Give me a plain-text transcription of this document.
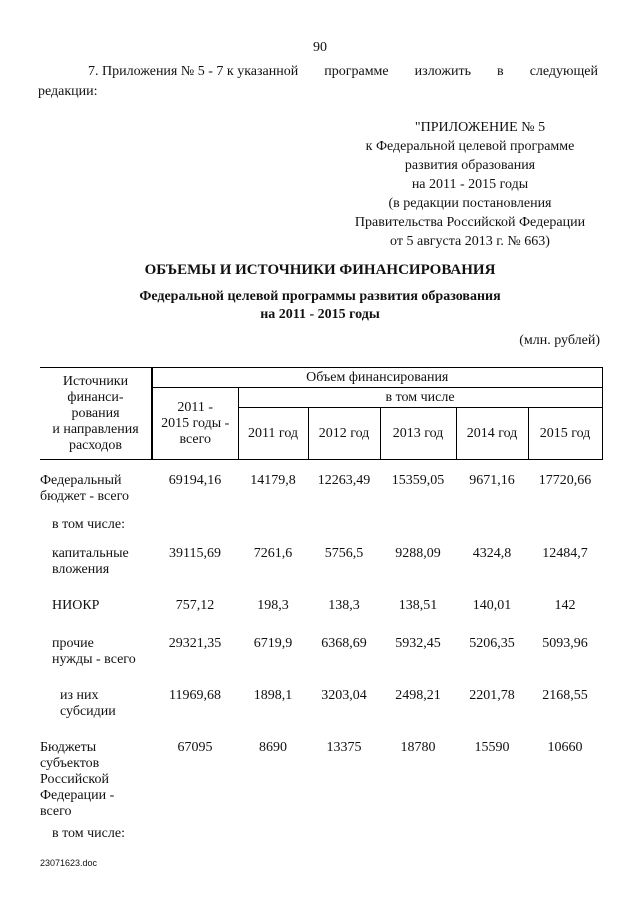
90
7. Приложения № 5 - 7 к указанной программе изложить в следующей
редакции:
"ПРИЛОЖЕНИЕ № 5
к Федеральной целевой программе
развития образования
на 2011 - 2015 годы
(в редакции постановления
Правительства Российской Федерации
от 5 августа 2013 г. № 663)
ОБЪЕМЫ И ИСТОЧНИКИ ФИНАНСИРОВАНИЯ
Федеральной целевой программы развития образования
на 2011 - 2015 годы
(млн. рублей)
Источники
финанси-
рования
и направления
расходов	Объем финансирования					

	2011 -
2015 годы -
всего	в том числе				
		2011 год	2012 год	2013 год	2014 год	2015 год

Федеральный
бюджет - всего	69194,16	14179,8	12263,49	15359,05	9671,16	17720,66
в том числе:						

капитальные
вложения	39115,69	7261,6	5756,5	9288,09	4324,8	12484,7
НИОКР	757,12	198,3	138,3	138,51	140,01	142

прочие
нужды - всего	29321,35	6719,9	6368,69	5932,45	5206,35	5093,96

из них
субсидии	11969,68	1898,1	3203,04	2498,21	2201,78	2168,55

Бюджеты
субъектов
Российской
Федерации -
всего	67095	8690	13375	18780	15590	10660
в том числе:						
23071623.doc
